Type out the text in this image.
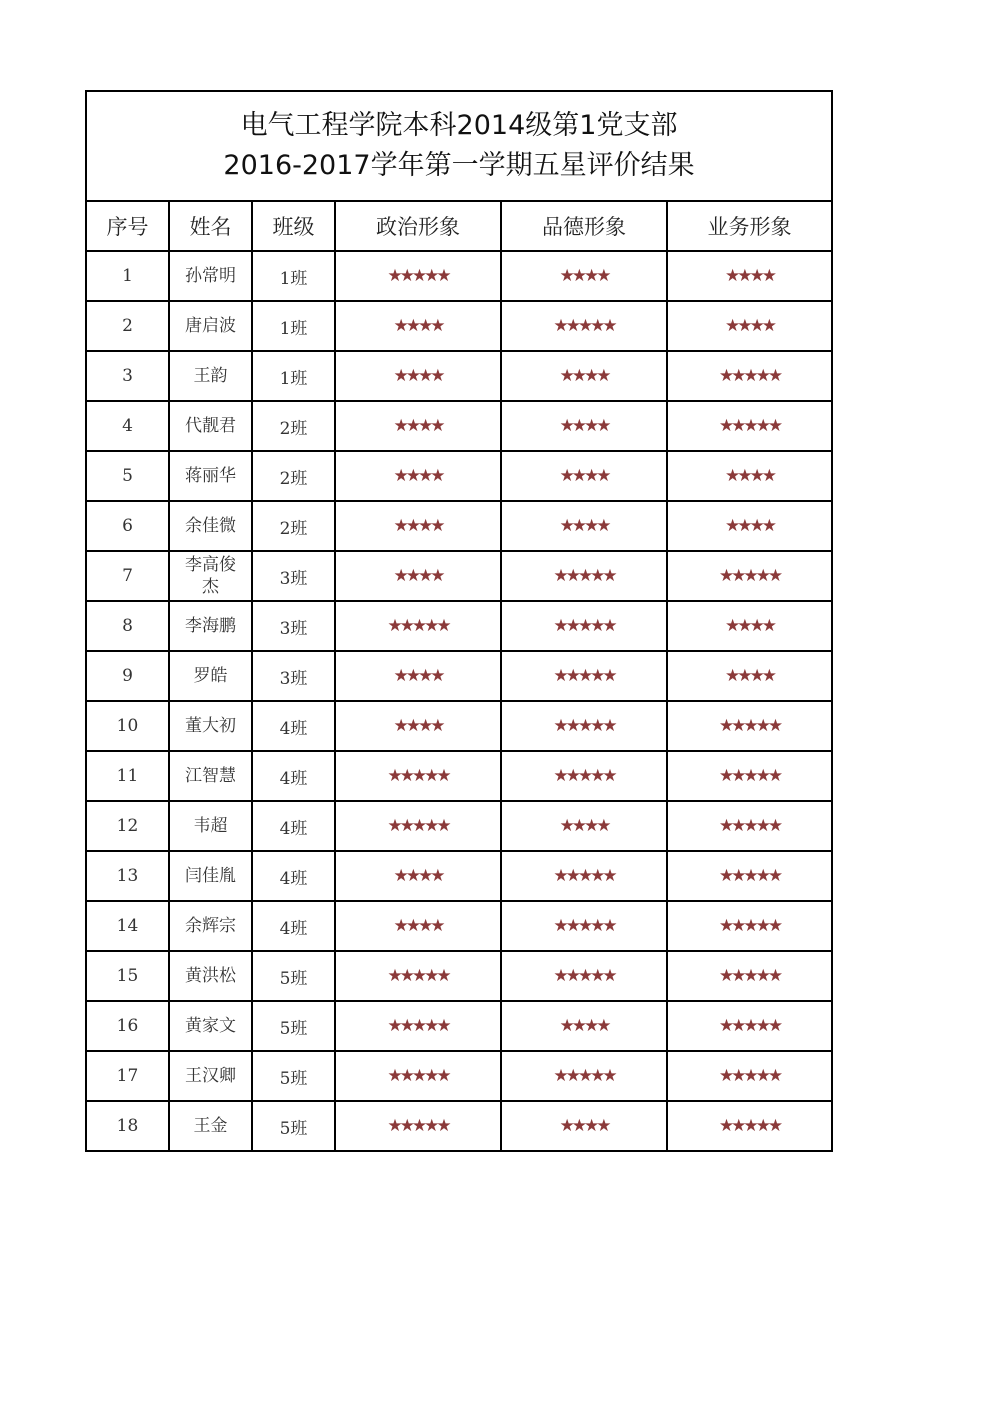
电气工程学院本科2014级第1党支部
2016-2017学年第一学期五星评价结果					

序号	姓名	班级	政治形象	品德形象	业务形象
1	孙常明	1班	★★★★★	★★★★	★★★★
2	唐启波	1班	★★★★	★★★★★	★★★★
3	王韵	1班	★★★★	★★★★	★★★★★
4	代靓君	2班	★★★★	★★★★	★★★★★
5	蒋丽华	2班	★★★★	★★★★	★★★★
6	余佳微	2班	★★★★	★★★★	★★★★
7	李高俊杰	3班	★★★★	★★★★★	★★★★★
8	李海鹏	3班	★★★★★	★★★★★	★★★★
9	罗皓	3班	★★★★	★★★★★	★★★★
10	董大初	4班	★★★★	★★★★★	★★★★★
11	江智慧	4班	★★★★★	★★★★★	★★★★★
12	韦超	4班	★★★★★	★★★★	★★★★★
13	闫佳胤	4班	★★★★	★★★★★	★★★★★
14	余辉宗	4班	★★★★	★★★★★	★★★★★
15	黄洪松	5班	★★★★★	★★★★★	★★★★★
16	黄家文	5班	★★★★★	★★★★	★★★★★
17	王汉卿	5班	★★★★★	★★★★★	★★★★★
18	王金	5班	★★★★★	★★★★	★★★★★
